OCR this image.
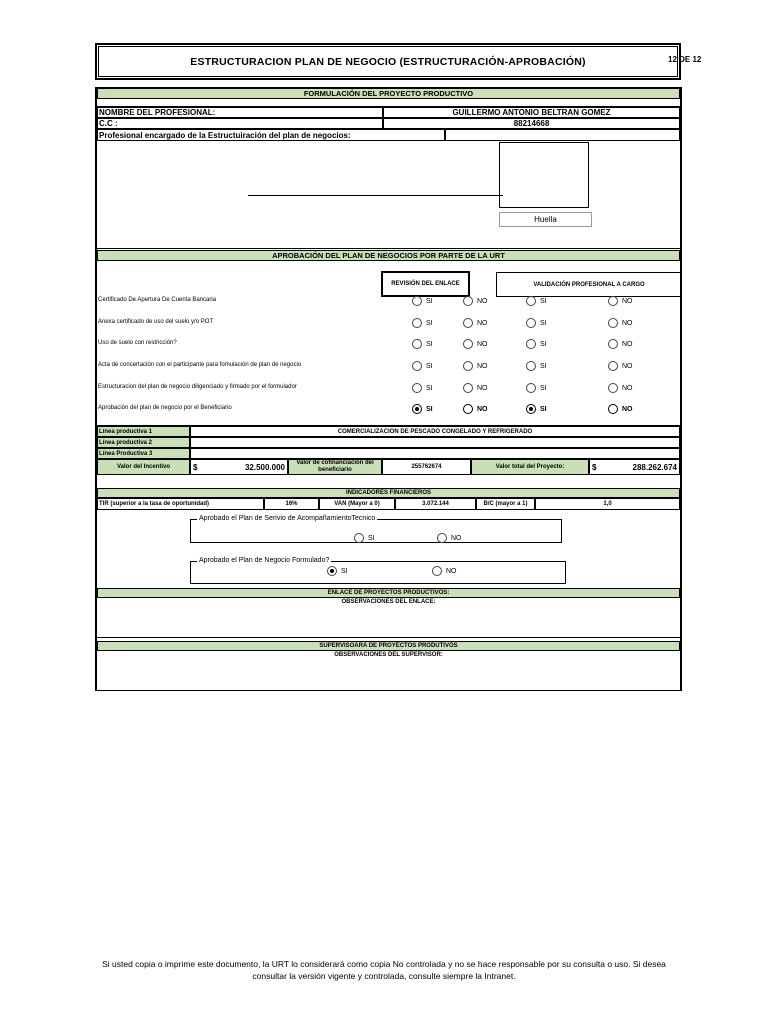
ESTRUCTURACION PLAN DE NEGOCIO (ESTRUCTURACIÓN-APROBACIÓN)	12 DE 12
FORMULACIÓN DEL PROYECTO PRODUCTIVO
NOMBRE DEL PROFESIONAL:	GUILLERMO ANTONIO BELTRAN GOMEZ
C.C :	88214668
Profesional encargado de la Estructuiración del plan de negocios:
Huella
APROBACIÓN DEL PLAN DE NEGOCIOS POR PARTE DE LA URT
REVISIÓN DEL ENLACE	VALIDACIÓN PROFESIONAL A CARGO
Certificado De Apertura De Cuenta Bancaria	SI	NO	SI	NO
Anexa certificado de uso del suelo y/o POT	SI	NO	SI	NO
Uso de suelo con restricción?	SI	NO	SI	NO
Acta de concertación con el participante para fomulación de plan de negocio	SI	NO	SI	NO
Estructuracion del plan de negocio diligenciado y firmado por el formulador	SI	NO	SI	NO
Aprobación del plan de negocio por el Beneficiario	SI	NO	SI	NO
Línea productiva 1	COMERCIALIZACION DE PESCADO CONGELADO Y REFRIGERADO
Línea productiva 2
Línea Productiva 3
Valor del Incentivo	$	32.500.000	Valor de cofinanciacion del beneficiario	255762674	Valor total del Proyecto:	$	288.262.674
INDICADORES FINANCIEROS
TIR (superior a la tasa de oportunidad)	16%	VAN (Mayor a 0)	3.072.144	B/C (mayor a 1)	1,0
Aprobado el Plan de Serivio de AcompañamientoTecnico
SI	NO
Aprobado el Plan de Negocio Formulado?
SI	NO
ENLACE DE PROYECTOS PRODUCTIVOS:
OBSERVACIONES DEL ENLACE:
SUPERVISOARA DE PROYECTOS PRODUTIVOS
OBSERVACIONES DEL SUPERVISOR:
Si usted copia o imprime este documento, la URT lo considerará como copia No controlada y no se hace responsable por su consulta o uso. Si desea
consultar la versión vigente y controlada, consulte siempre la Intranet.
